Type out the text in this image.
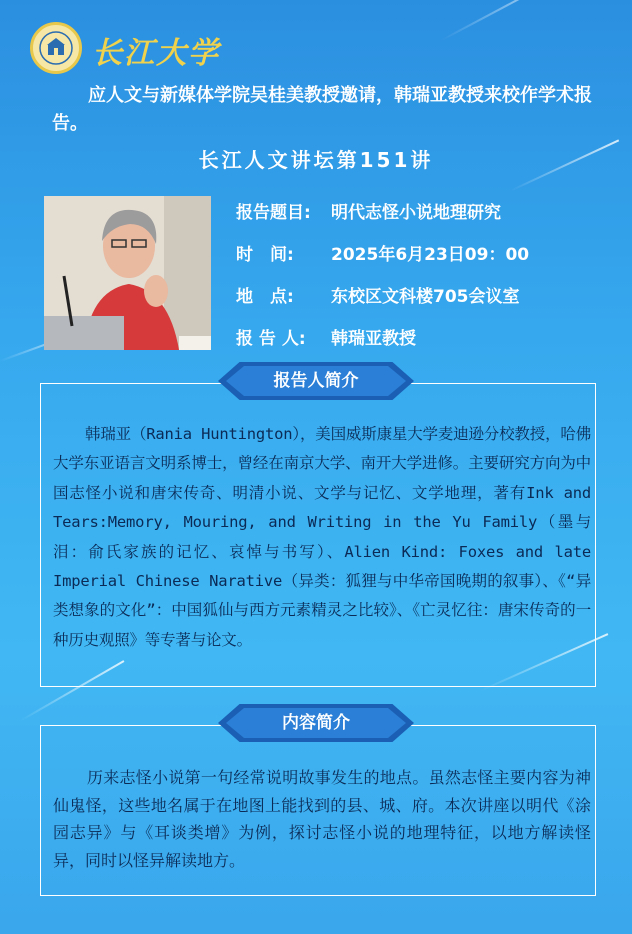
长江大学
应人文与新媒体学院吴桂美教授邀请，韩瑞亚教授来校作学术报告。
长江人文讲坛第151讲
报告题目: 明代志怪小说地理研究
时　间: 2025年6月23日09：00
地　点: 东校区文科楼705会议室
报 告 人: 韩瑞亚教授
报告人简介
韩瑞亚（Rania Huntington），美国威斯康星大学麦迪逊分校教授，哈佛大学东亚语言文明系博士，曾经在南京大学、南开大学进修。主要研究方向为中国志怪小说和唐宋传奇、明清小说、文学与记忆、文学地理，著有Ink and Tears:Memory, Mouring, and Writing in the Yu Family（墨与泪：俞氏家族的记忆、哀悼与书写）、Alien Kind: Foxes and late Imperial Chinese Narative（异类：狐狸与中华帝国晚期的叙事）、《“异类想象的文化”：中国狐仙与西方元素精灵之比较》、《亡灵忆往：唐宋传奇的一种历史观照》等专著与论文。
内容简介
历来志怪小说第一句经常说明故事发生的地点。虽然志怪主要内容为神仙鬼怪，这些地名属于在地图上能找到的县、城、府。本次讲座以明代《涂园志异》与《耳谈类增》为例，探讨志怪小说的地理特征，以地方解读怪异，同时以怪异解读地方。
